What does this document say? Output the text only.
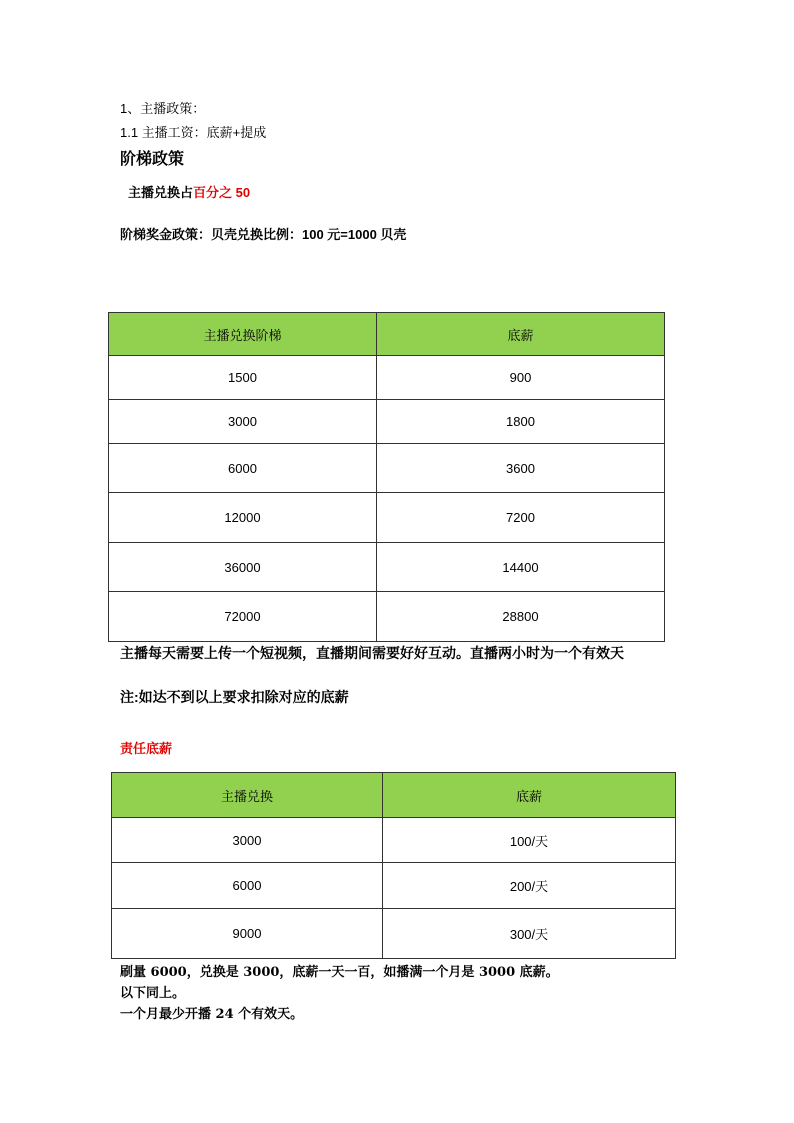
1、主播政策：
1.1 主播工资：底薪+提成
阶梯政策
主播兑换占百分之 50
阶梯奖金政策：贝壳兑换比例：100 元=1000 贝壳
主播兑换阶梯	底薪
1500	900
3000	1800
6000	3600
12000	7200
36000	14400
72000	28800
主播每天需要上传一个短视频，直播期间需要好好互动。直播两小时为一个有效天
注:如达不到以上要求扣除对应的底薪
责任底薪
主播兑换	底薪
3000	100/天
6000	200/天
9000	300/天
刷量 6000，兑换是 3000，底薪一天一百，如播满一个月是 3000 底薪。
以下同上。
一个月最少开播 24 个有效天。
